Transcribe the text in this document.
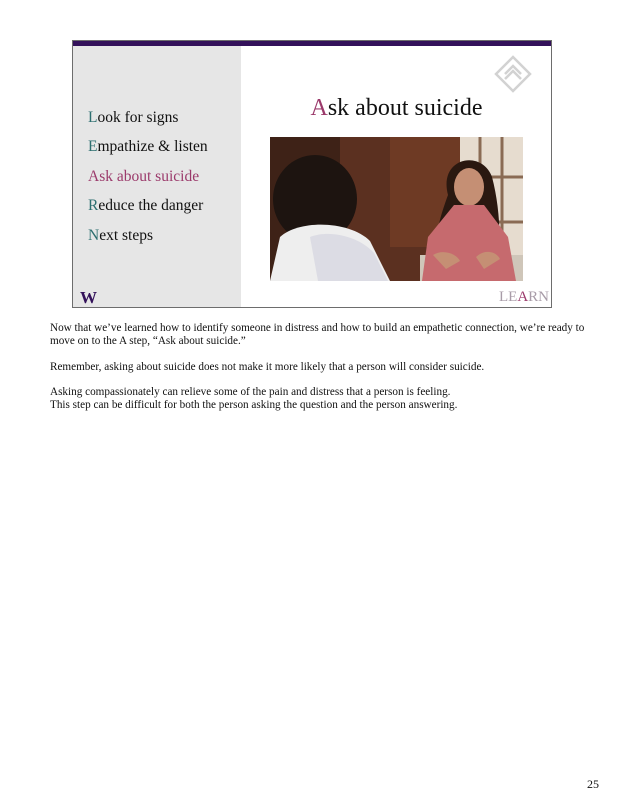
Look for signs
Empathize & listen
Ask about suicide
Reduce the danger
Next steps
Ask about suicide
W	LEARN

Now that we’ve learned how to identify someone in distress and how to build an empathetic connection, we’re ready to move on to the A step, “Ask about suicide.”

Remember, asking about suicide does not make it more likely that a person will consider suicide.

Asking compassionately can relieve some of the pain and distress that a person is feeling.
This step can be difficult for both the person asking the question and the person answering.

25
